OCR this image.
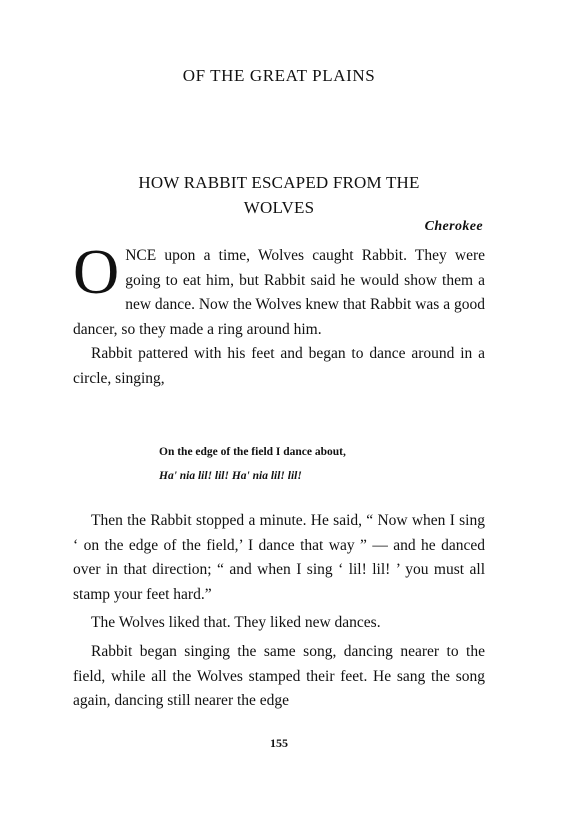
OF THE GREAT PLAINS
HOW RABBIT ESCAPED FROM THE
WOLVES
Cherokee

ONCE upon a time, Wolves caught Rabbit. They were going to eat him, but Rabbit said he would show them a new dance. Now the Wolves knew that Rabbit was a good dancer, so they made a ring around him.

Rabbit pattered with his feet and began to dance around in a circle, singing,

On the edge of the field I dance about,
Ha' nia lil! lil! Ha' nia lil! lil!

Then the Rabbit stopped a minute. He said, “ Now when I sing ‘ on the edge of the field,’ I dance that way ” — and he danced over in that direction; “ and when I sing ‘ lil! lil! ’ you must all stamp your feet hard.”

The Wolves liked that. They liked new dances.

Rabbit began singing the same song, dancing nearer to the field, while all the Wolves stamped their feet. He sang the song again, dancing still nearer the edge

155
